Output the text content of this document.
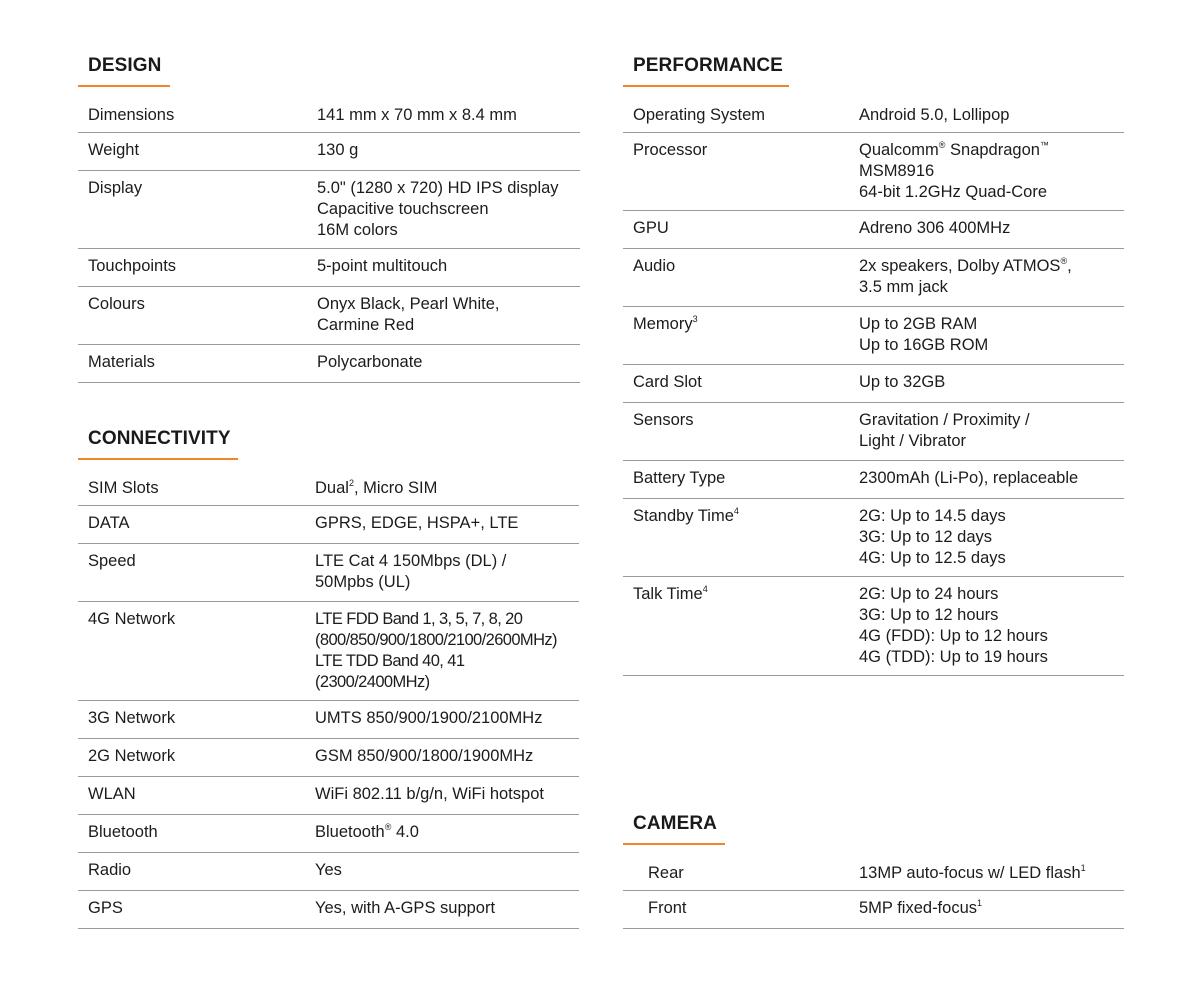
DESIGN
Dimensions	141 mm x 70 mm x 8.4 mm
Weight	130 g
Display	5.0" (1280 x 720) HD IPS display
Capacitive touchscreen
16M colors
Touchpoints	5-point multitouch
Colours	Onyx Black, Pearl White,
Carmine Red
Materials	Polycarbonate
CONNECTIVITY
SIM Slots	Dual$^2$, Micro SIM
DATA	GPRS, EDGE, HSPA+, LTE
Speed	LTE Cat 4 150Mbps (DL) /
50Mpbs (UL)
4G Network	LTE FDD Band 1, 3, 5, 7, 8, 20
(800/850/900/1800/2100/2600MHz)
LTE TDD Band 40, 41
(2300/2400MHz)
3G Network	UMTS 850/900/1900/2100MHz
2G Network	GSM 850/900/1800/1900MHz
WLAN	WiFi 802.11 b/g/n, WiFi hotspot
Bluetooth	Bluetooth® 4.0
Radio	Yes
GPS	Yes, with A-GPS support
PERFORMANCE
Operating System	Android 5.0, Lollipop
Processor	Qualcomm® Snapdragon™
MSM8916
64-bit 1.2GHz Quad-Core
GPU	Adreno 306 400MHz
Audio	2x speakers, Dolby ATMOS®,
3.5 mm jack
Memory$^3$	Up to 2GB RAM
Up to 16GB ROM
Card Slot	Up to 32GB
Sensors	Gravitation / Proximity /
Light / Vibrator
Battery Type	2300mAh (Li-Po), replaceable
Standby Time$^4$	2G: Up to 14.5 days
3G: Up to 12 days
4G: Up to 12.5 days
Talk Time$^4$	2G: Up to 24 hours
3G: Up to 12 hours
4G (FDD): Up to 12 hours
4G (TDD): Up to 19 hours
CAMERA
Rear	13MP auto-focus w/ LED flash$^1$
Front	5MP fixed-focus$^1$
